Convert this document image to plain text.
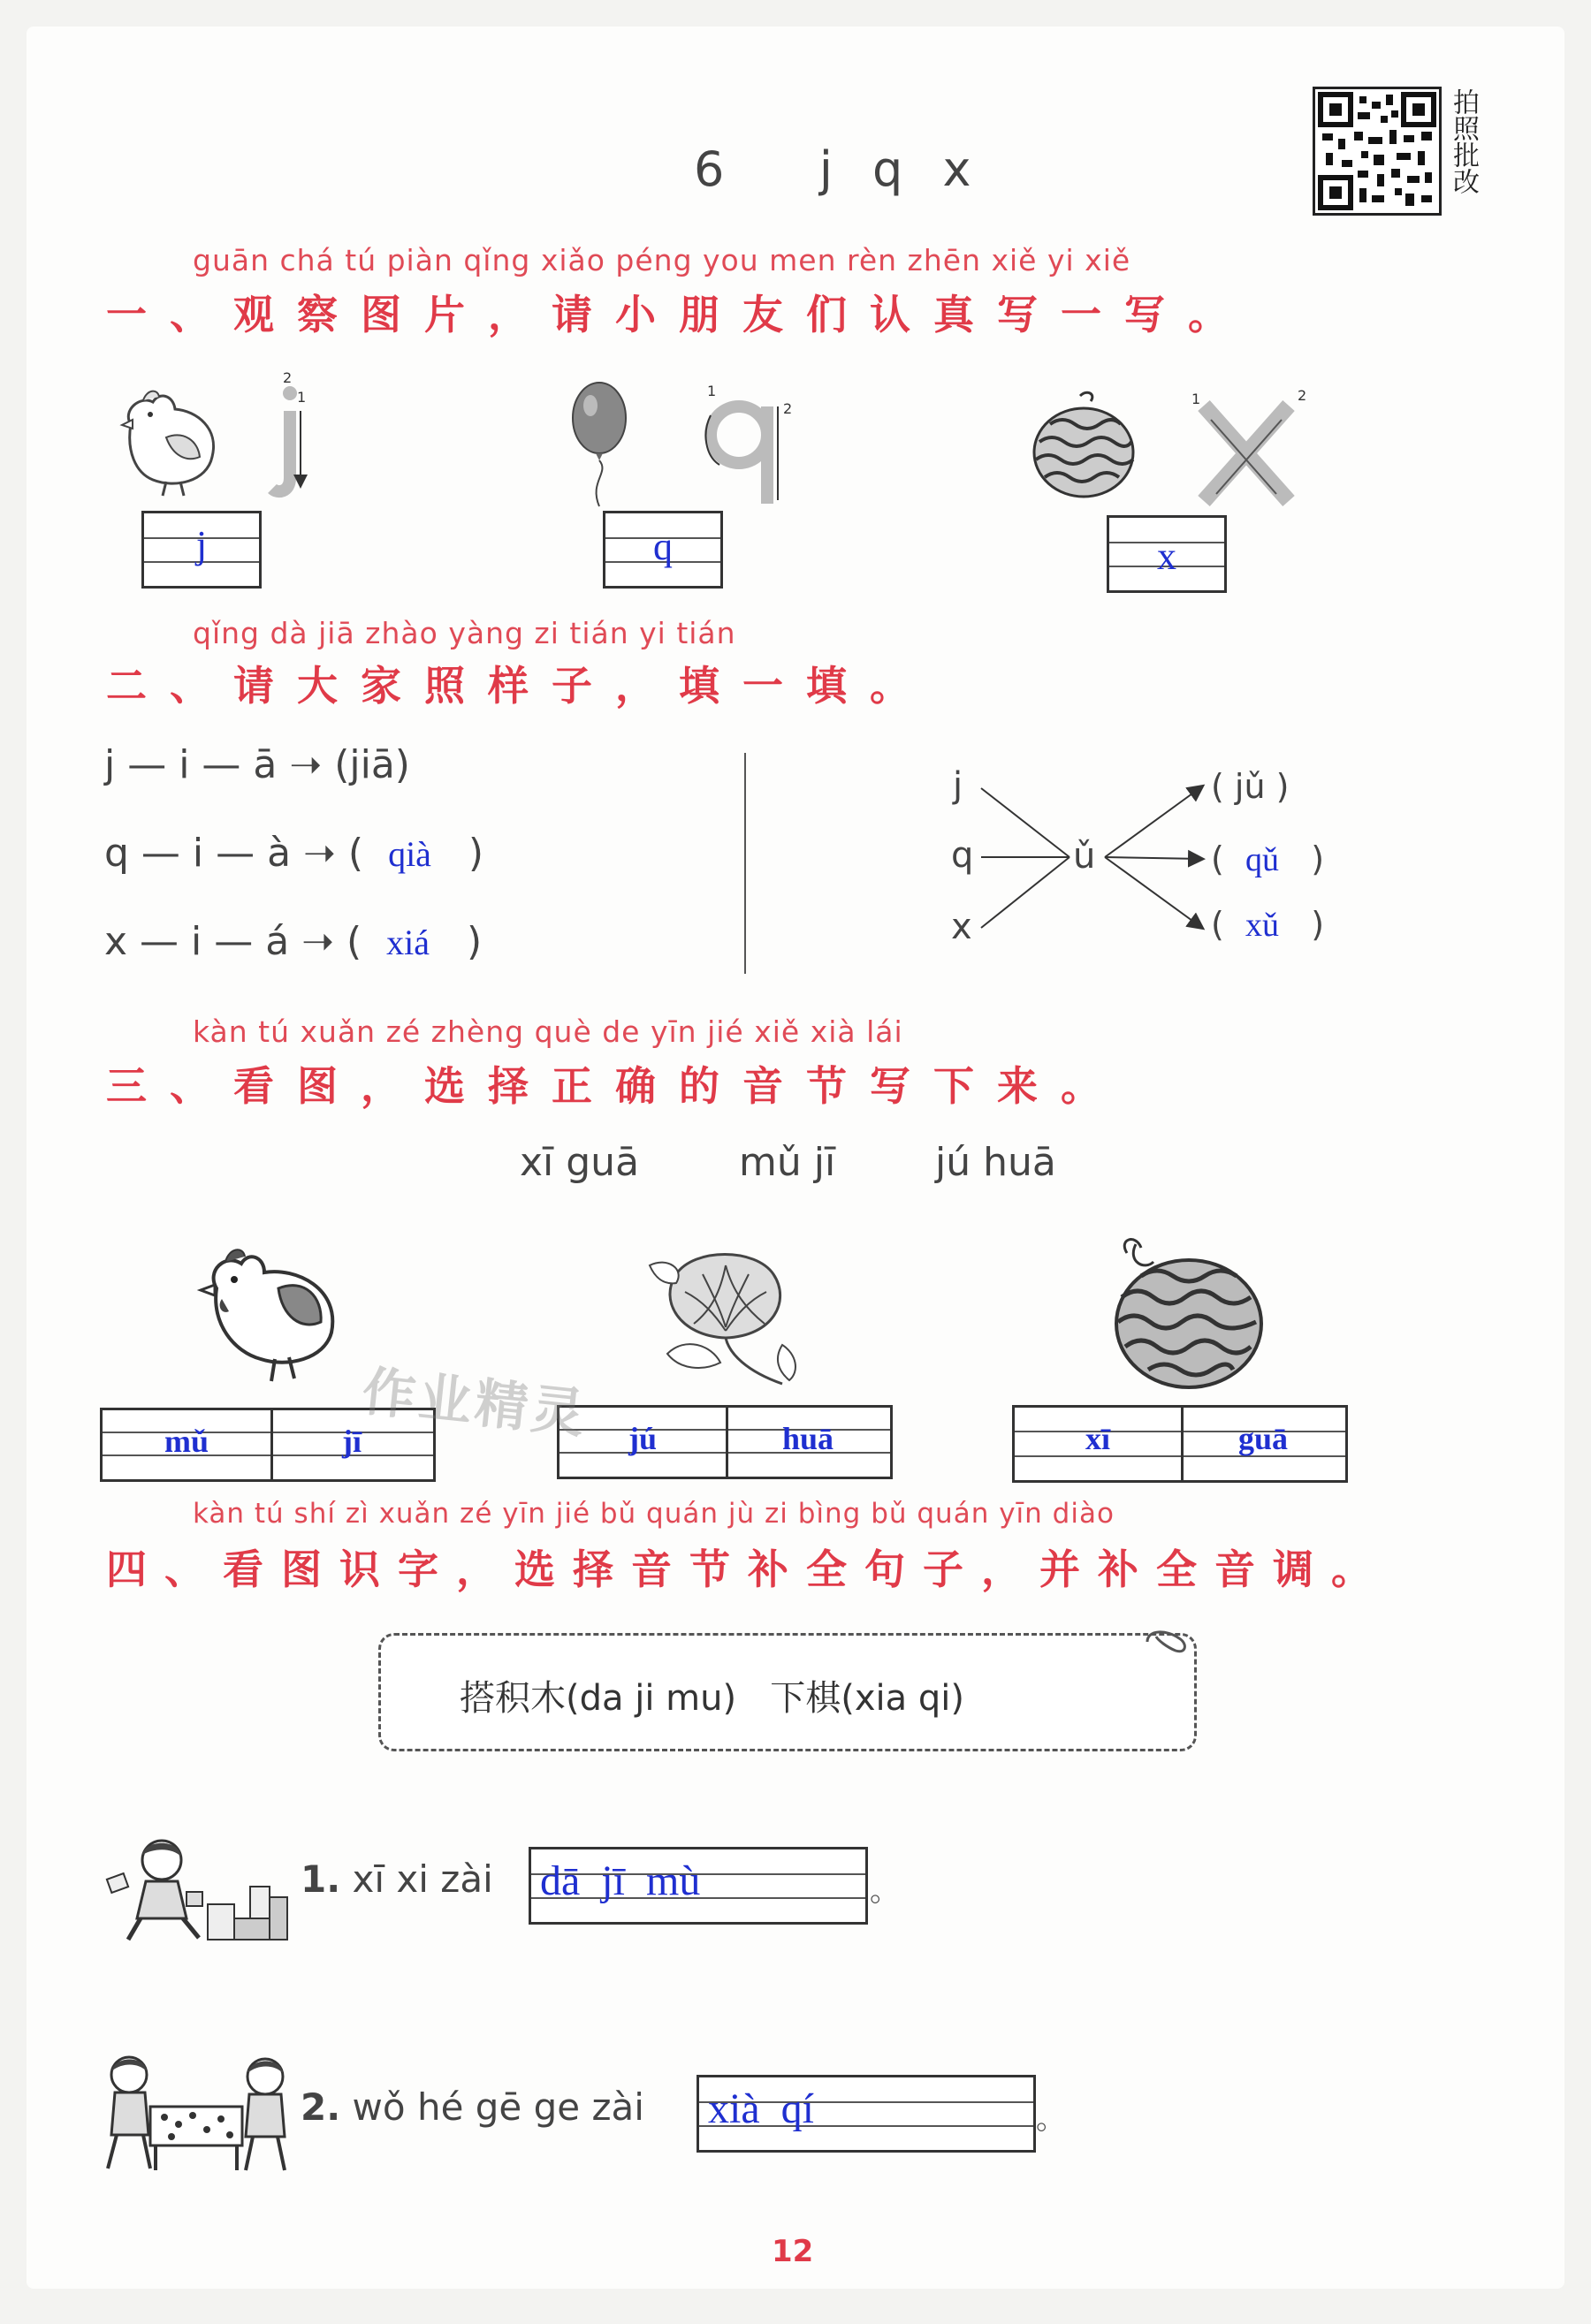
6 j q x	拍照批改
guān chá tú piàn qǐng xiǎo péng you men rèn zhēn xiě yi xiě
一、观察图片，请小朋友们认真写一写。
2
1
j
1
2
q
1	2
x
qǐng dà jiā zhào yàng zi tián yi tián
二、请大家照样子，填一填。
j — i — ā ➝ (jiā)
q — i — à ➝ ( qià )
x — i — á ➝ ( xiá )
j
q
x
ǔ
( jǔ )
(  qǔ   )
(  xǔ   )
kàn tú xuǎn zé zhèng què de yīn jié xiě xià lái
三、看图，选择正确的音节写下来。
xī guā	mǔ jī	jú huā
mǔ	jī	jú	huā	xī	guā
作业精灵
kàn tú shí zì xuǎn zé yīn jié bǔ quán jù zi bìng bǔ quán yīn diào
四、看图识字，选择音节补全句子，并补全音调。
搭积木(da ji mu)   下棋(xia qi)
1. xī xi zài dā  jī  mù	。
2. wǒ hé gē ge zài xià  qí	。
12
